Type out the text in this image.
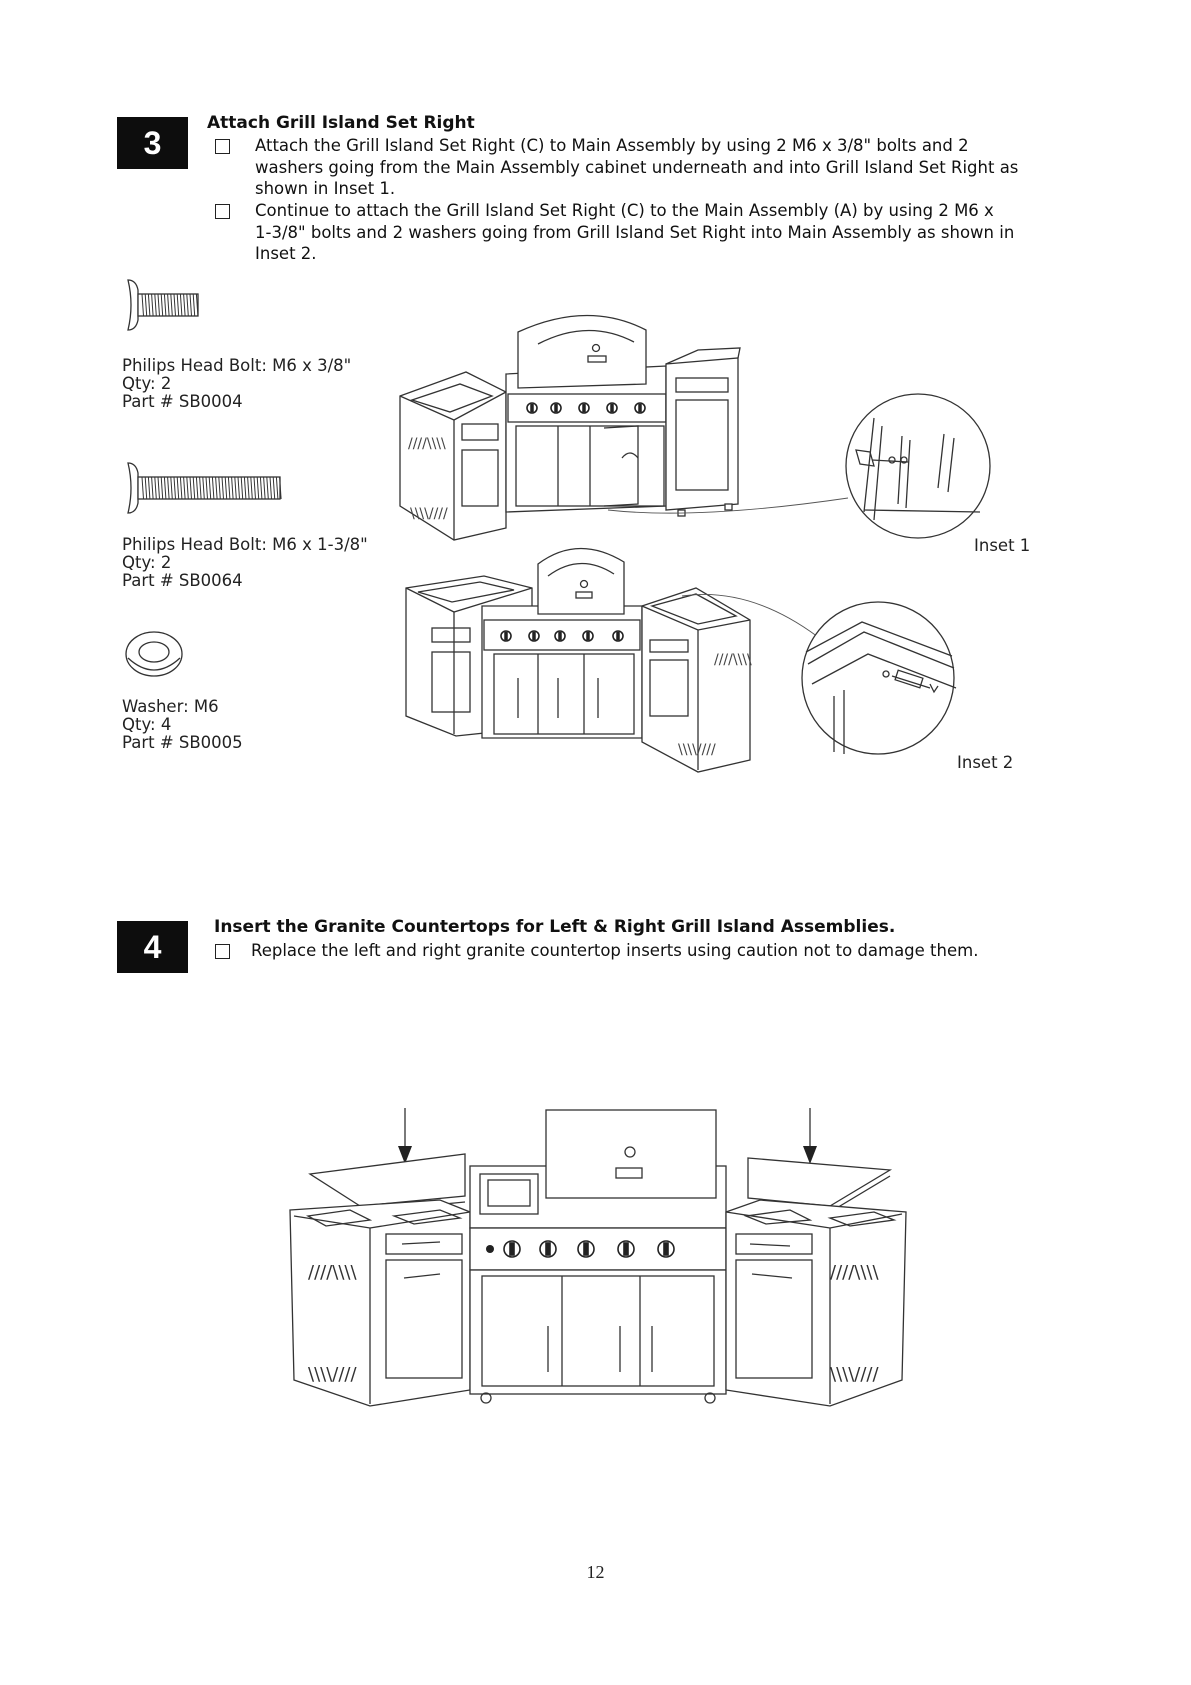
3
Attach Grill Island Set Right
Attach the Grill Island Set Right (C) to Main Assembly by using 2 M6 x 3/8" bolts and 2
washers going from the Main Assembly cabinet underneath and into Grill Island Set Right as
shown in Inset 1.
Continue to attach the Grill Island Set Right (C) to the Main Assembly (A) by using 2 M6 x
1-3/8" bolts and 2 washers going from Grill Island Set Right into Main Assembly as shown in
Inset 2.
Philips Head Bolt: M6 x 3/8"
Qty: 2
Part # SB0004
Philips Head Bolt: M6 x 1-3/8"
Qty: 2
Part # SB0064
Washer: M6
Qty: 4
Part # SB0005
////\\\\
\\\\////
Inset 1
////\\\\
\\\\////
Inset 2
4
Insert the Granite Countertops for Left & Right Grill Island Assemblies.
Replace the left and right granite countertop inserts using caution not to damage them.
////\\\\
\\\\////
////\\\\
\\\\////
12
